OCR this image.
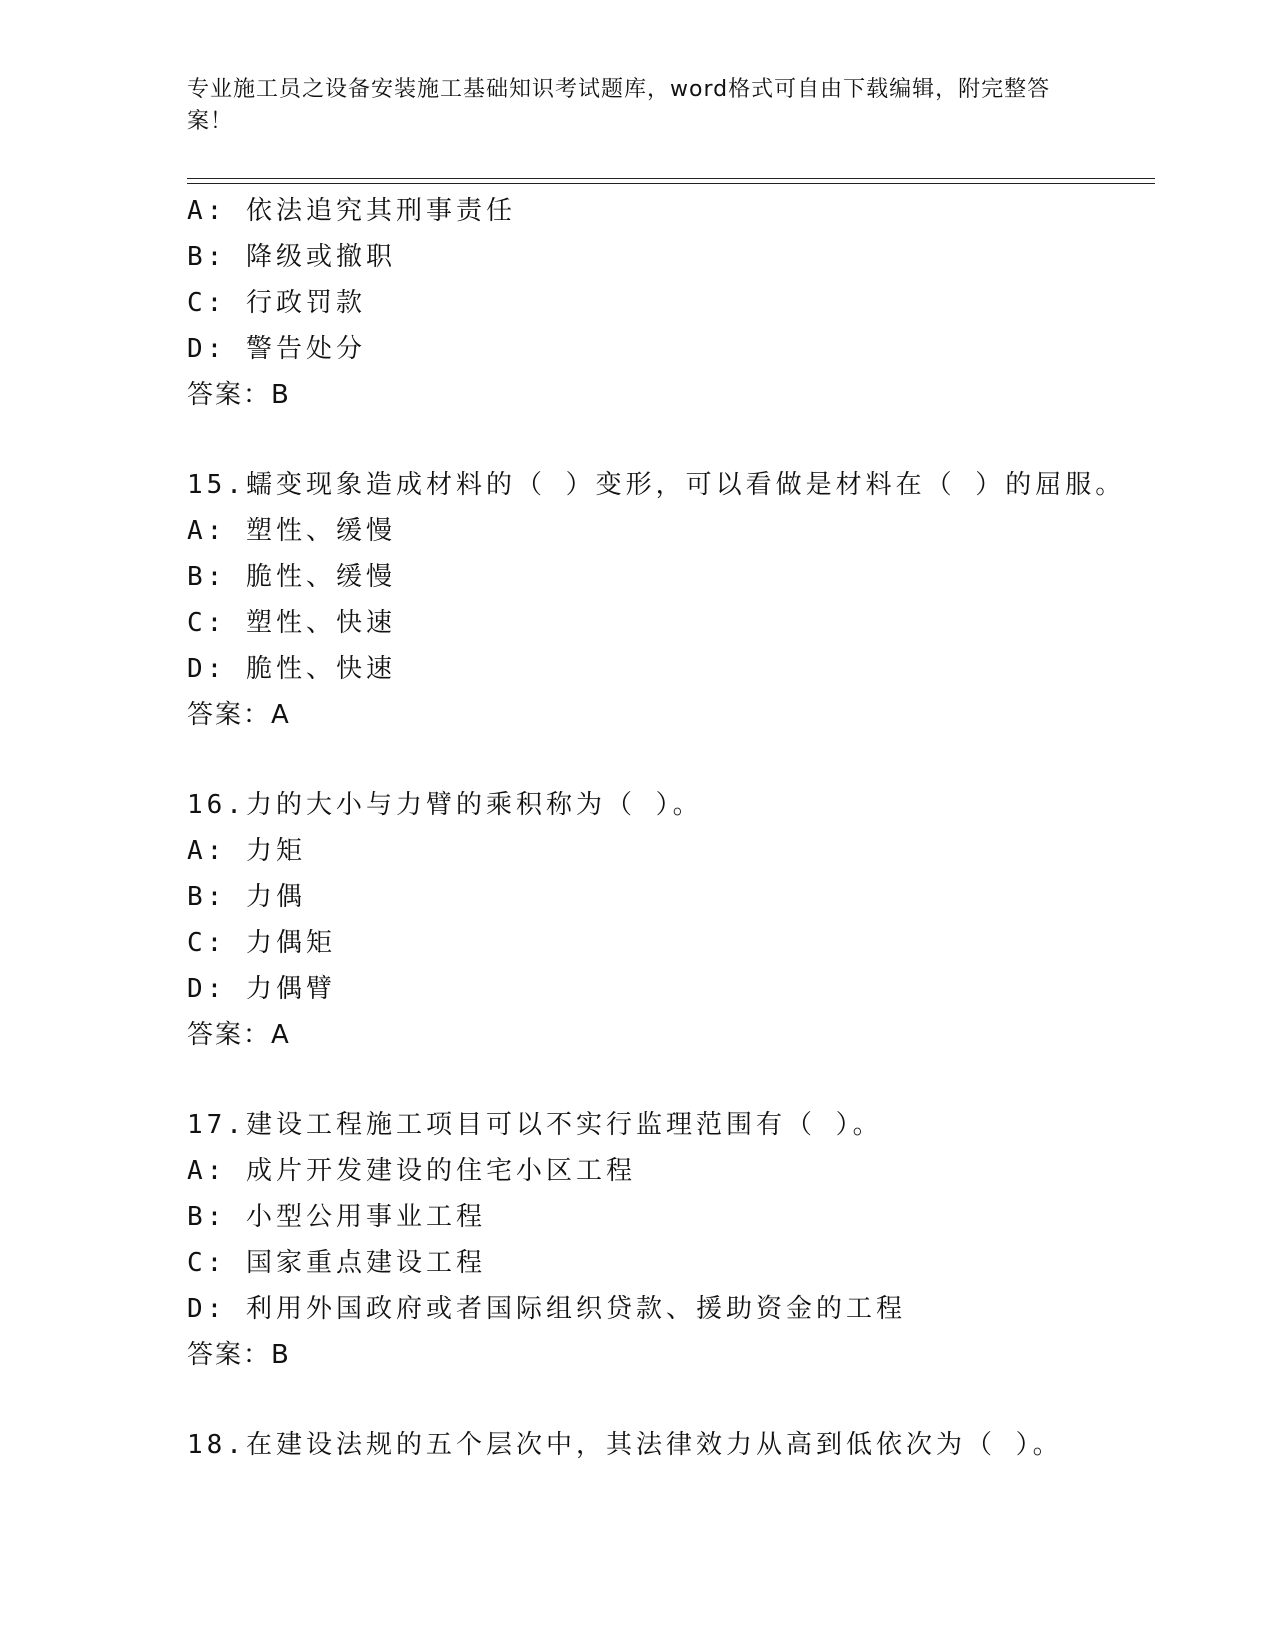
专业施工员之设备安装施工基础知识考试题库，word格式可自由下载编辑，附完整答案！
A: 依法追究其刑事责任
B: 降级或撤职
C: 行政罚款
D: 警告处分
答案：B
15.蠕变现象造成材料的（ ）变形，可以看做是材料在（ ）的屈服。
A: 塑性、缓慢
B: 脆性、缓慢
C: 塑性、快速
D: 脆性、快速
答案：A
16.力的大小与力臂的乘积称为（ ）。
A: 力矩
B: 力偶
C: 力偶矩
D: 力偶臂
答案：A
17.建设工程施工项目可以不实行监理范围有（ ）。
A: 成片开发建设的住宅小区工程
B: 小型公用事业工程
C: 国家重点建设工程
D: 利用外国政府或者国际组织贷款、援助资金的工程
答案：B
18.在建设法规的五个层次中，其法律效力从高到低依次为（ ）。
